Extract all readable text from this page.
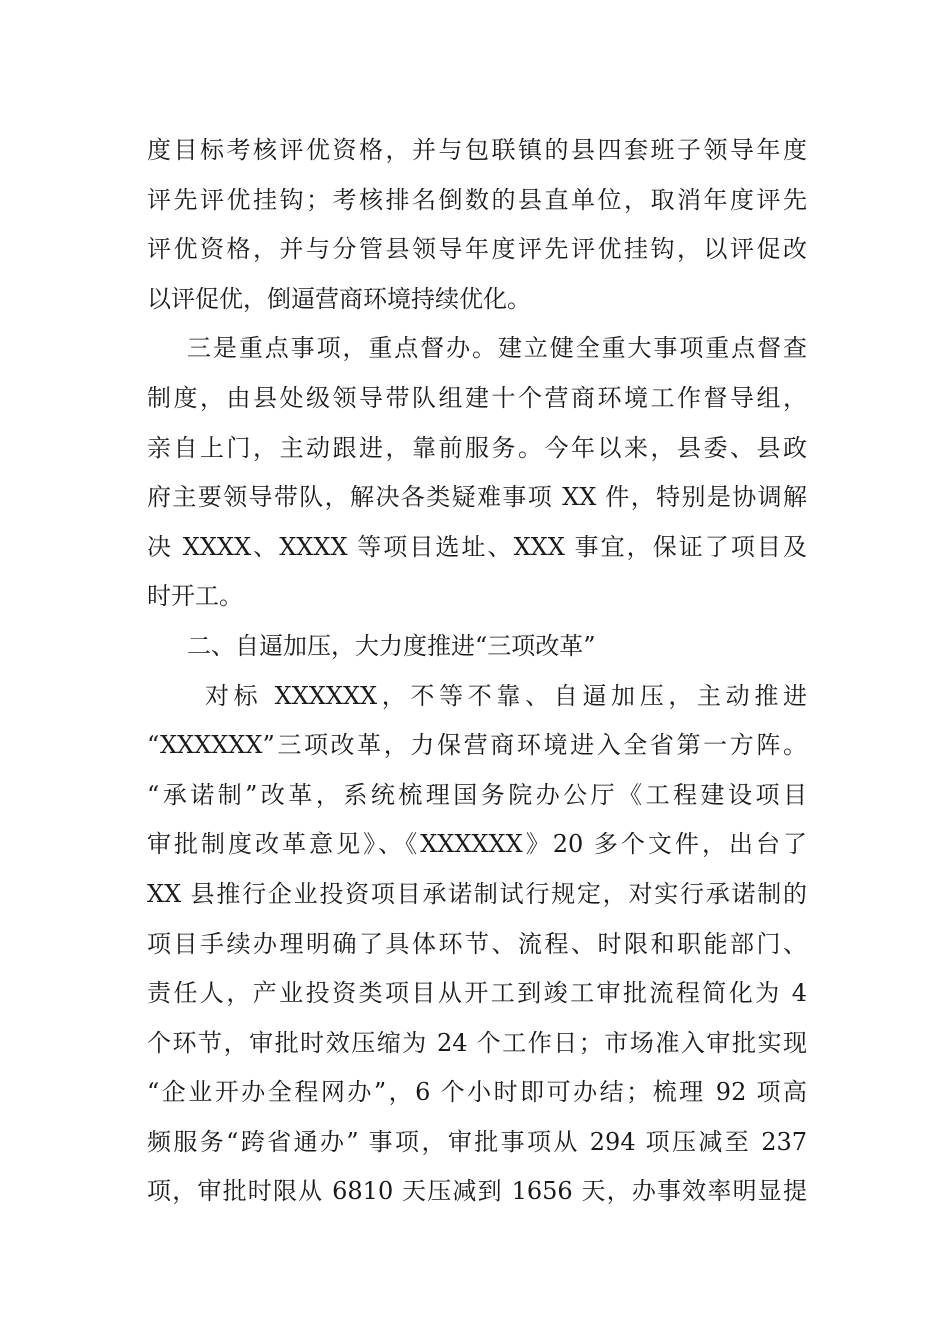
度目标考核评优资格，并与包联镇的县四套班子领导年度
评先评优挂钩；考核排名倒数的县直单位，取消年度评先
评优资格，并与分管县领导年度评先评优挂钩，以评促改
以评促优，倒逼营商环境持续优化。
三是重点事项，重点督办。建立健全重大事项重点督查
制度，由县处级领导带队组建十个营商环境工作督导组，
亲自上门，主动跟进，靠前服务。今年以来，县委、县政
府主要领导带队，解决各类疑难事项 XX 件，特别是协调解
决 XXXX、XXXX 等项目选址、XXX 事宜，保证了项目及
时开工。
二、自逼加压，大力度推进“三项改革”
对标 XXXXXX，不等不靠、自逼加压，主动推进
“XXXXXX”三项改革，力保营商环境进入全省第一方阵。
“承诺制”改革，系统梳理国务院办公厅《工程建设项目
审批制度改革意见》、《XXXXXX》20 多个文件，出台了
XX 县推行企业投资项目承诺制试行规定，对实行承诺制的
项目手续办理明确了具体环节、流程、时限和职能部门、
责任人，产业投资类项目从开工到竣工审批流程简化为 4
个环节，审批时效压缩为 24 个工作日；市场准入审批实现
“企业开办全程网办”，6 个小时即可办结；梳理 92 项高
频服务“跨省通办” 事项，审批事项从 294 项压减至 237
项，审批时限从 6810 天压减到 1656 天，办事效率明显提
